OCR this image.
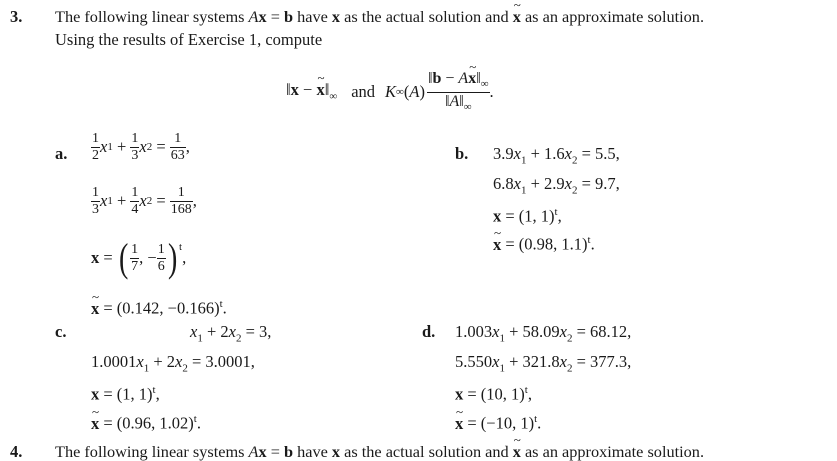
3. The following linear systems Ax = b have x as the actual solution and x ~ as an approximate solution.
Using the results of Exercise 1, compute
‖x − x $\sim‖_\infty$ and K ∞ ( A ) $\frac{‖b - Ax \sim‖_\infty}{‖A‖_\infty}$ .
a. $\frac{1}{2}$ x $1 + \frac{1}{3}$ x $2 = \frac{1}{63}$ ,
$\frac{1}{3}$ x $1 + \frac{1}{4}$ x $2 = \frac{1}{168}$ ,
x = ( $\frac{1}{7}$ , − $\frac{1}{6} )^t$
,
x ~ = (0.142, −0.166)$^t$.
b. $3.9x_1 + 1.6x_2 = 5.5$,
$6.8x_1 + 2.9x_2 = 9.7$,
x = (1, 1)$^t$,
x ~ = (0.98, 1.1)$^t$.
c.	$x_1 + 2x_2 = 3$,
$1.0001x_1 + 2x_2 = 3.0001$,
x = (1, 1)$^t$,
x ~ = (0.96, 1.02)$^t$.
d. $1.003x_1 + 58.09x_2 = 68.12$,
$5.550x_1 + 321.8x_2 = 377.3$,
x = (10, 1)$^t$,
x ~ = (−10, 1)$^t$.
4. The following linear systems Ax = b have x as the actual solution and x ~ as an approximate solution.
